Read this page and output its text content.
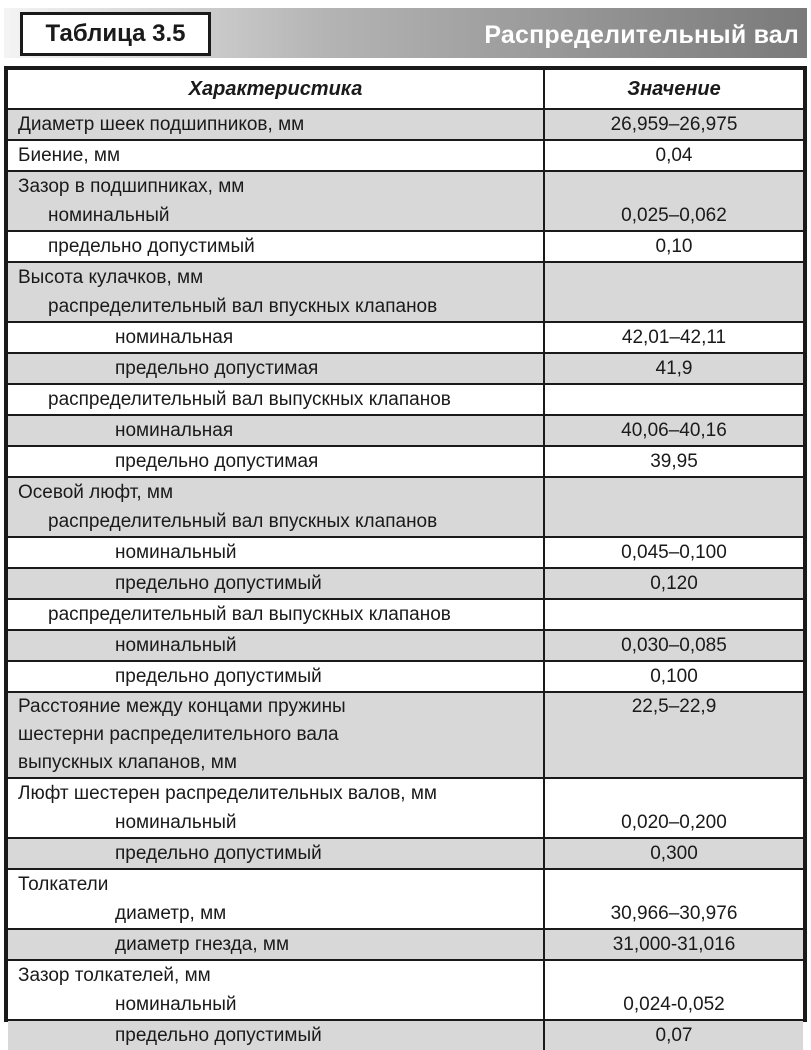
Таблица 3.5	Распределительный вал
Характеристика	Значение

Диаметр шеек подшипников, мм	26,959–26,975

Биение, мм	0,04

Зазор в подшипниках, мм	

номинальный	0,025–0,062

предельно допустимый	0,10

Высота кулачков, мм	

распределительный вал впускных клапанов	

номинальная	42,01–42,11

предельно допустимая	41,9

распределительный вал выпускных клапанов	

номинальная	40,06–40,16

предельно допустимая	39,95

Осевой люфт, мм	

распределительный вал впускных клапанов	

номинальный	0,045–0,100

предельно допустимый	0,120

распределительный вал выпускных клапанов	

номинальный	0,030–0,085

предельно допустимый	0,100

Расстояние между концами пружины
шестерни распределительного вала
выпускных клапанов, мм	22,5–22,9

Люфт шестерен распределительных валов, мм	

номинальный	0,020–0,200

предельно допустимый	0,300

Толкатели	

диаметр, мм	30,966–30,976

диаметр гнезда, мм	31,000-31,016

Зазор толкателей, мм	

номинальный	0,024-0,052

предельно допустимый	0,07
